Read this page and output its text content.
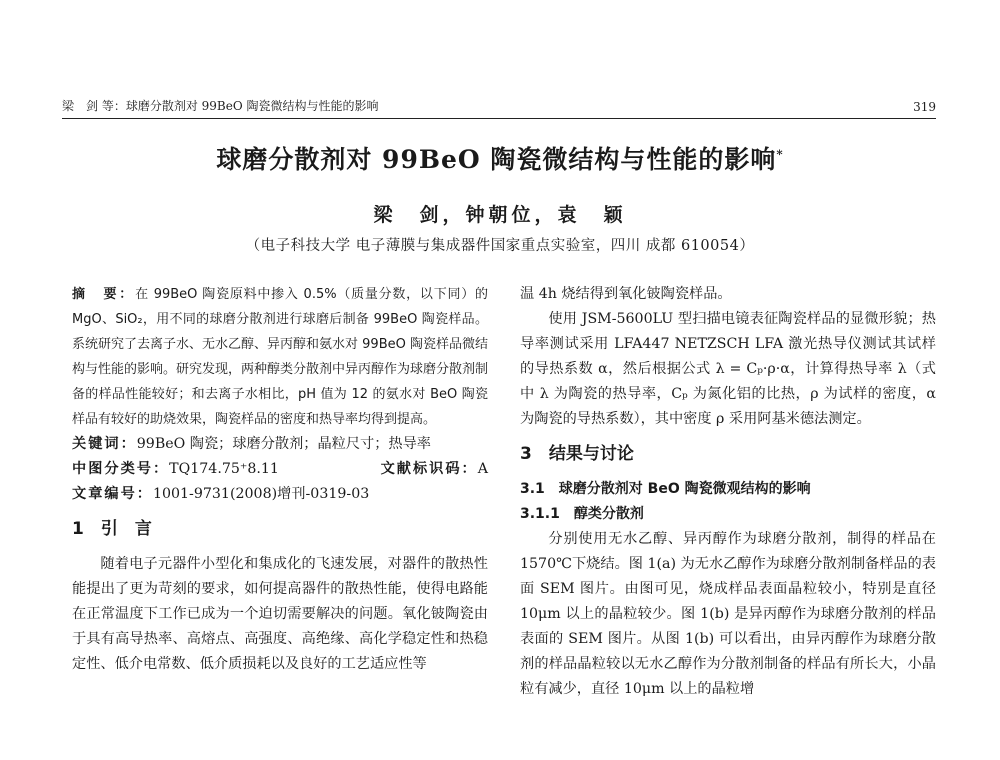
梁　剑 等：球磨分散剂对 99BeO 陶瓷微结构与性能的影响	319
球磨分散剂对 99BeO 陶瓷微结构与性能的影响*
梁　剑，钟朝位，袁　颖
（电子科技大学 电子薄膜与集成器件国家重点实验室，四川 成都 610054）

摘　要：在 99BeO 陶瓷原料中掺入 0.5%（质量分数，以下同）的 MgO、SiO₂，用不同的球磨分散剂进行球磨后制备 99BeO 陶瓷样品。系统研究了去离子水、无水乙醇、异丙醇和氨水对 99BeO 陶瓷样品微结构与性能的影响。研究发现，两种醇类分散剂中异丙醇作为球磨分散剂制备的样品性能较好；和去离子水相比，pH 值为 12 的氨水对 BeO 陶瓷样品有较好的助烧效果，陶瓷样品的密度和热导率均得到提高。

关键词：99BeO 陶瓷；球磨分散剂；晶粒尺寸；热导率

中图分类号：TQ174.75⁺8.11	文献标识码：A

文章编号：1001-9731(2008)增刊-0319-03

1　引　言

随着电子元器件小型化和集成化的飞速发展，对器件的散热性能提出了更为苛刻的要求，如何提高器件的散热性能，使得电路能在正常温度下工作已成为一个迫切需要解决的问题。氧化铍陶瓷由于具有高导热率、高熔点、高强度、高绝缘、高化学稳定性和热稳定性、低介电常数、低介质损耗以及良好的工艺适应性等

温 4h 烧结得到氧化铍陶瓷样品。

使用 JSM-5600LU 型扫描电镜表征陶瓷样品的显微形貌；热导率测试采用 LFA447 NETZSCH LFA 激光热导仪测试其试样的导热系数 α，然后根据公式 λ = Cₚ·ρ·α，计算得热导率 λ（式中 λ 为陶瓷的热导率，Cₚ 为氮化铝的比热，ρ 为试样的密度，α 为陶瓷的导热系数），其中密度 ρ 采用阿基米德法测定。

3　结果与讨论
3.1　球磨分散剂对 BeO 陶瓷微观结构的影响
3.1.1　醇类分散剂

分别使用无水乙醇、异丙醇作为球磨分散剂，制得的样品在 1570℃下烧结。图 1(a) 为无水乙醇作为球磨分散剂制备样品的表面 SEM 图片。由图可见，烧成样品表面晶粒较小，特别是直径 10μm 以上的晶粒较少。图 1(b) 是异丙醇作为球磨分散剂的样品表面的 SEM 图片。从图 1(b) 可以看出，由异丙醇作为球磨分散剂的样品晶粒较以无水乙醇作为分散剂制备的样品有所长大，小晶粒有减少，直径 10μm 以上的晶粒增
